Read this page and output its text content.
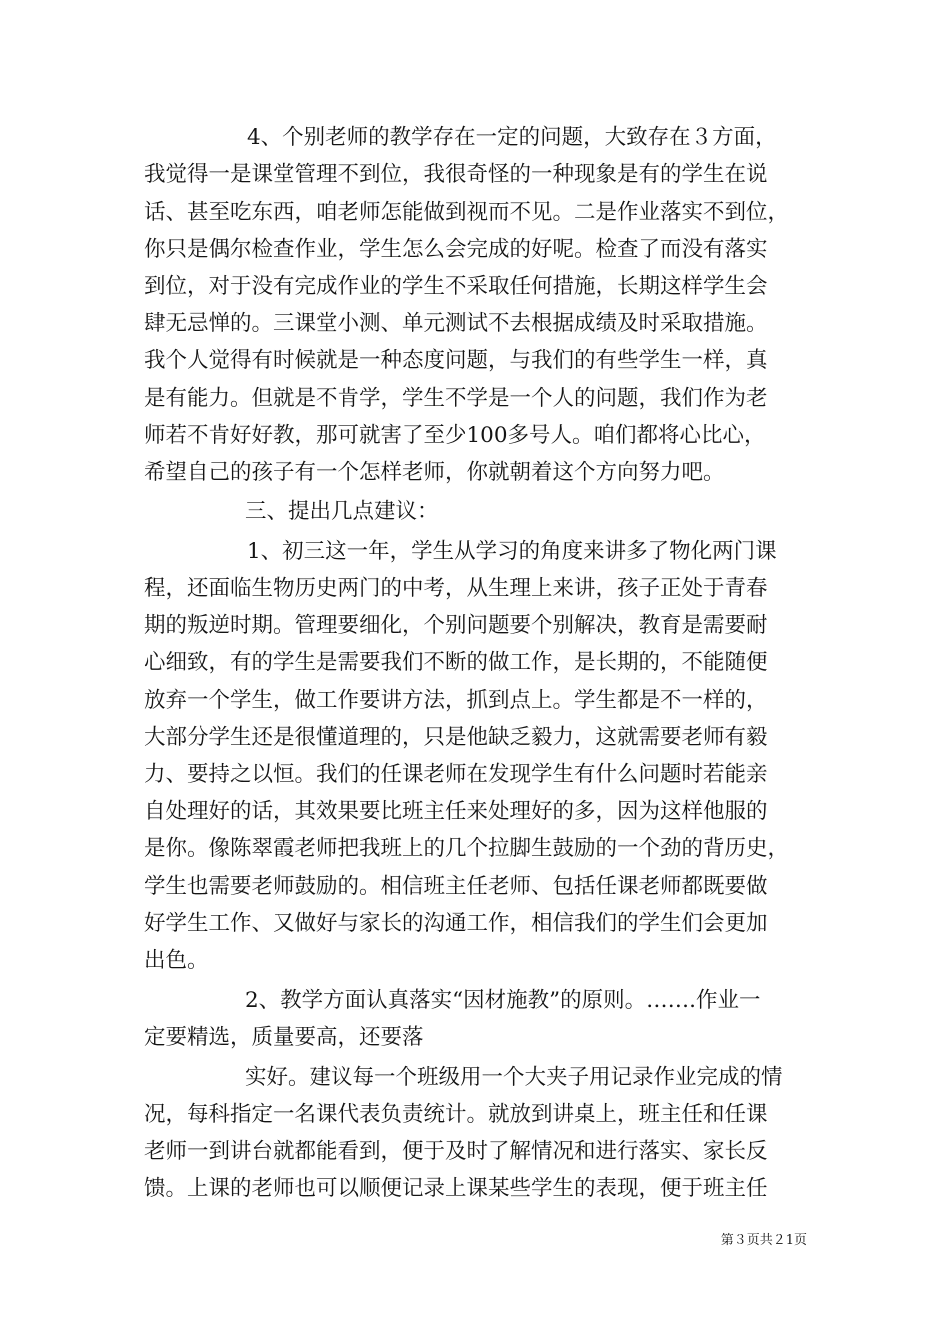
4、个别老师的教学存在一定的问题，大致存在３方面，
我觉得一是课堂管理不到位，我很奇怪的一种现象是有的学生在说
话、甚至吃东西，咱老师怎能做到视而不见。二是作业落实不到位，
你只是偶尔检查作业，学生怎么会完成的好呢。检查了而没有落实
到位，对于没有完成作业的学生不采取任何措施，长期这样学生会
肆无忌惮的。三课堂小测、单元测试不去根据成绩及时采取措施。
我个人觉得有时候就是一种态度问题，与我们的有些学生一样，真
是有能力。但就是不肯学，学生不学是一个人的问题，我们作为老
师若不肯好好教，那可就害了至少100多号人。咱们都将心比心，
希望自己的孩子有一个怎样老师，你就朝着这个方向努力吧。
三、提出几点建议：
1、初三这一年，学生从学习的角度来讲多了物化两门课
程，还面临生物历史两门的中考，从生理上来讲，孩子正处于青春
期的叛逆时期。管理要细化，个别问题要个别解决，教育是需要耐
心细致，有的学生是需要我们不断的做工作，是长期的，不能随便
放弃一个学生，做工作要讲方法，抓到点上。学生都是不一样的，
大部分学生还是很懂道理的，只是他缺乏毅力，这就需要老师有毅
力、要持之以恒。我们的任课老师在发现学生有什么问题时若能亲
自处理好的话，其效果要比班主任来处理好的多，因为这样他服的
是你。像陈翠霞老师把我班上的几个拉脚生鼓励的一个劲的背历史，
学生也需要老师鼓励的。相信班主任老师、包括任课老师都既要做
好学生工作、又做好与家长的沟通工作，相信我们的学生们会更加
出色。
2、教学方面认真落实“因材施教”的原则。…….作业一
定要精选，质量要高，还要落
实好。建议每一个班级用一个大夹子用记录作业完成的情
况，每科指定一名课代表负责统计。就放到讲桌上，班主任和任课
老师一到讲台就都能看到，便于及时了解情况和进行落实、家长反
馈。上课的老师也可以顺便记录上课某些学生的表现，便于班主任
第３页共２1页
